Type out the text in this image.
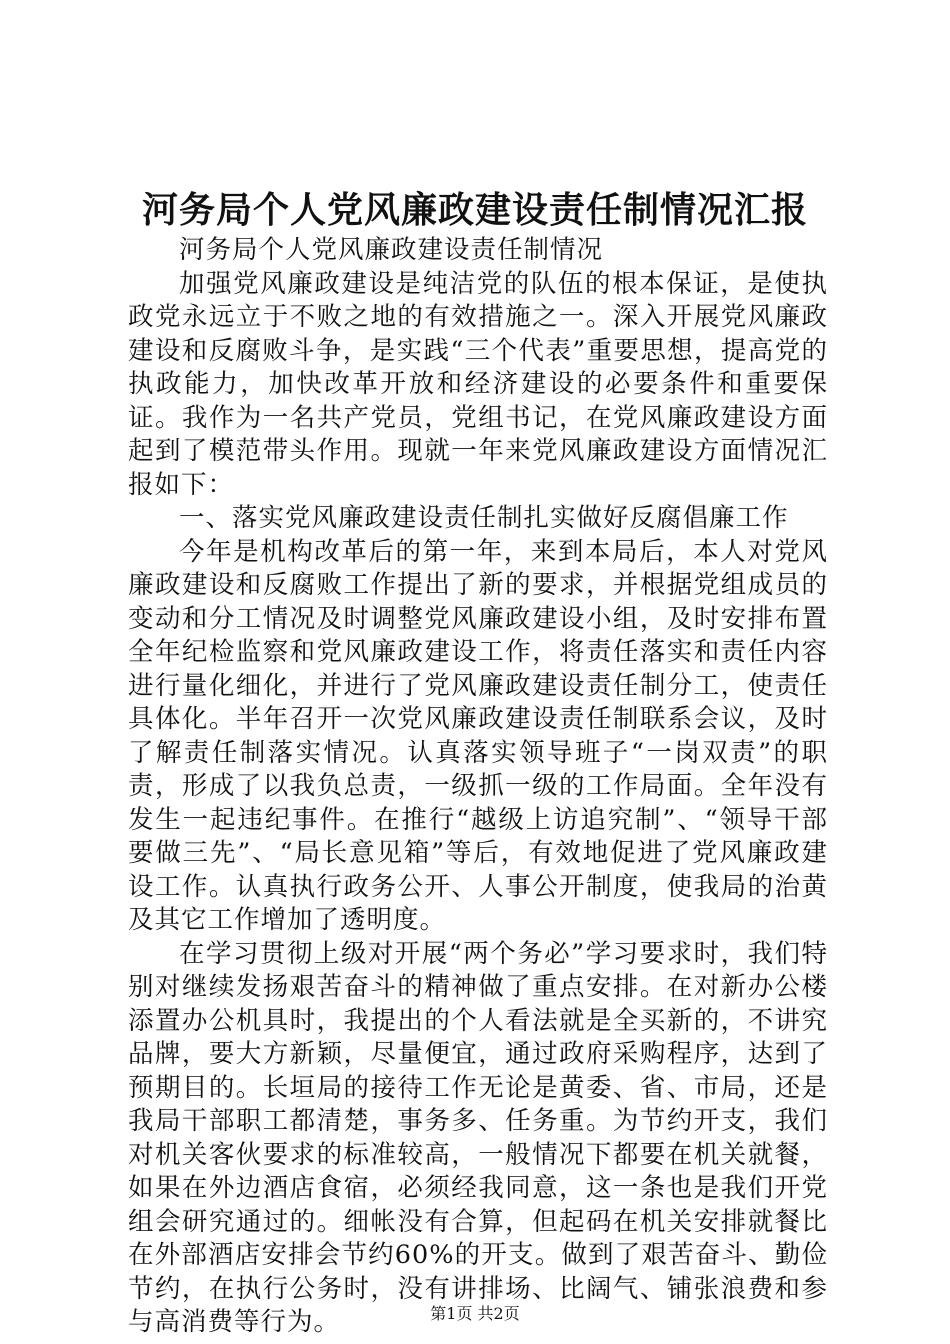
河务局个人党风廉政建设责任制情况汇报

河务局个人党风廉政建设责任制情况

加强党风廉政建设是纯洁党的队伍的根本保证，是使执政党永远立于不败之地的有效措施之一。深入开展党风廉政建设和反腐败斗争，是实践“三个代表”重要思想，提高党的执政能力，加快改革开放和经济建设的必要条件和重要保证。我作为一名共产党员，党组书记，在党风廉政建设方面起到了模范带头作用。现就一年来党风廉政建设方面情况汇报如下：

一、落实党风廉政建设责任制扎实做好反腐倡廉工作

今年是机构改革后的第一年，来到本局后，本人对党风廉政建设和反腐败工作提出了新的要求，并根据党组成员的变动和分工情况及时调整党风廉政建设小组，及时安排布置全年纪检监察和党风廉政建设工作，将责任落实和责任内容进行量化细化，并进行了党风廉政建设责任制分工，使责任具体化。半年召开一次党风廉政建设责任制联系会议，及时了解责任制落实情况。认真落实领导班子“一岗双责”的职责，形成了以我负总责，一级抓一级的工作局面。全年没有发生一起违纪事件。在推行“越级上访追究制”、“领导干部要做三先”、“局长意见箱”等后，有效地促进了党风廉政建设工作。认真执行政务公开、人事公开制度，使我局的治黄及其它工作增加了透明度。

在学习贯彻上级对开展“两个务必”学习要求时，我们特别对继续发扬艰苦奋斗的精神做了重点安排。在对新办公楼添置办公机具时，我提出的个人看法就是全买新的，不讲究品牌，要大方新颖，尽量便宜，通过政府采购程序，达到了预期目的。长垣局的接待工作无论是黄委、省、市局，还是我局干部职工都清楚，事务多、任务重。为节约开支，我们对机关客伙要求的标准较高，一般情况下都要在机关就餐，如果在外边酒店食宿，必须经我同意，这一条也是我们开党组会研究通过的。细帐没有合算，但起码在机关安排就餐比在外部酒店安排会节约60%的开支。做到了艰苦奋斗、勤俭节约，在执行公务时，没有讲排场、比阔气、铺张浪费和参与高消费等行为。	第1页 共2页
